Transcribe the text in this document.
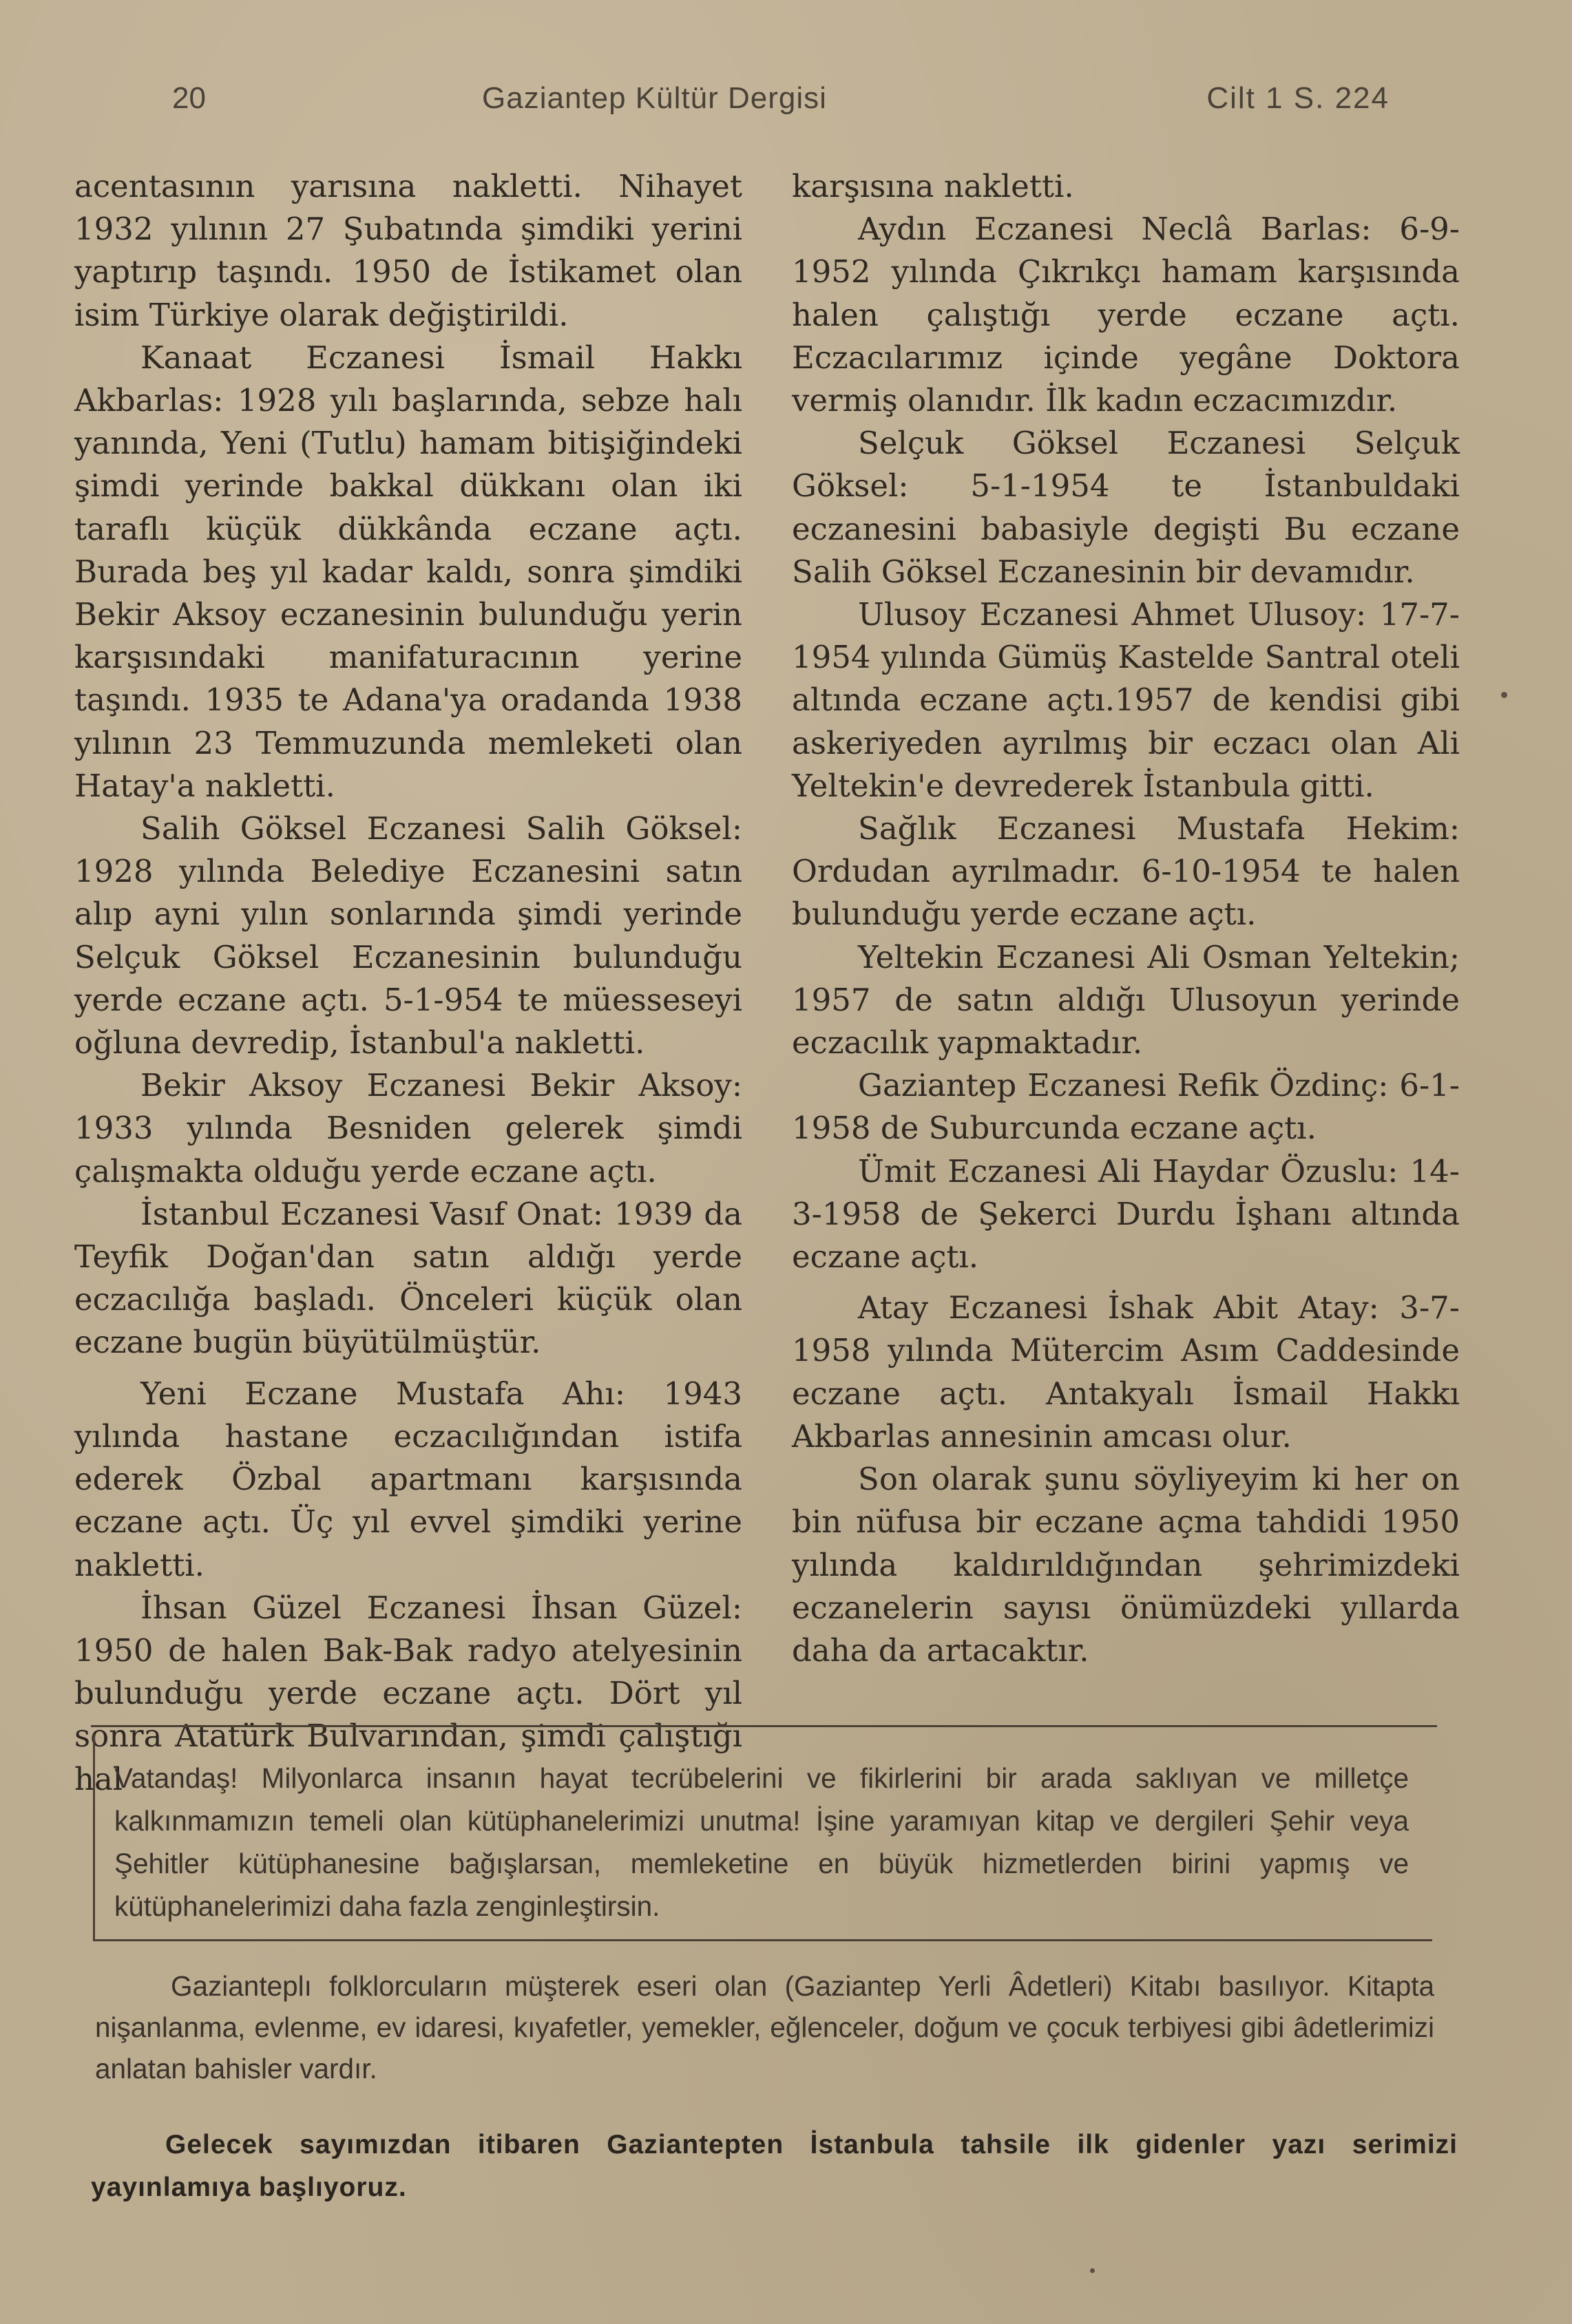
20	Gaziantep Kültür Dergisi	Cilt 1 S. 224

acentasının yarısına nakletti. Nihayet 1932 yılının 27 Şubatında şimdiki yerini yaptırıp taşındı. 1950 de İstikamet olan isim Türkiye olarak değiştirildi.

Kanaat Eczanesi İsmail Hakkı Akbarlas: 1928 yılı başlarında, sebze halı yanında, Yeni (Tutlu) hamam bitişiğindeki şimdi yerinde bakkal dükkanı olan iki taraflı küçük dükkânda eczane açtı. Burada beş yıl kadar kaldı, sonra şimdiki Bekir Aksoy eczanesinin bulunduğu yerin karşısındaki manifaturacının yerine taşındı. 1935 te Adana'ya oradanda 1938 yılının 23 Temmuzunda memleketi olan Hatay'a nakletti.

Salih Göksel Eczanesi Salih Göksel: 1928 yılında Belediye Eczanesini satın alıp ayni yılın sonlarında şimdi yerinde Selçuk Göksel Eczanesinin bulunduğu yerde eczane açtı. 5-1-954 te müesseseyi oğluna devredip, İstanbul'a nakletti.

Bekir Aksoy Eczanesi Bekir Aksoy: 1933 yılında Besniden gelerek şimdi çalışmakta olduğu yerde eczane açtı.

İstanbul Eczanesi Vasıf Onat: 1939 da Teyfik Doğan'dan satın aldığı yerde eczacılığa başladı. Önceleri küçük olan eczane bugün büyütülmüştür.

Yeni Eczane Mustafa Ahı: 1943 yılında hastane eczacılığından istifa ederek Özbal apartmanı karşısında eczane açtı. Üç yıl evvel şimdiki yerine nakletti.

İhsan Güzel Eczanesi İhsan Güzel: 1950 de halen Bak-Bak radyo atelyesinin bulunduğu yerde eczane açtı. Dört yıl sonra Atatürk Bulvarından, şimdi çalıştığı hal

karşısına nakletti.

Aydın Eczanesi Neclâ Barlas: 6-9-1952 yılında Çıkrıkçı hamam karşısında halen çalıştığı yerde eczane açtı. Eczacılarımız içinde yegâne Doktora vermiş olanıdır. İlk kadın eczacımızdır.

Selçuk Göksel Eczanesi Selçuk Göksel: 5-1-1954 te İstanbuldaki eczanesini babasiyle degişti Bu eczane Salih Göksel Eczanesinin bir devamıdır.

Ulusoy Eczanesi Ahmet Ulusoy: 17-7-1954 yılında Gümüş Kastelde Santral oteli altında eczane açtı.1957 de kendisi gibi askeriyeden ayrılmış bir eczacı olan Ali Yeltekin'e devrederek İstanbula gitti.

Sağlık Eczanesi Mustafa Hekim: Ordudan ayrılmadır. 6-10-1954 te halen bulunduğu yerde eczane açtı.

Yeltekin Eczanesi Ali Osman Yeltekin; 1957 de satın aldığı Ulusoyun yerinde eczacılık yapmaktadır.

Gaziantep Eczanesi Refik Özdinç: 6-1-1958 de Suburcunda eczane açtı.

Ümit Eczanesi Ali Haydar Özuslu: 14-3-1958 de Şekerci Durdu İşhanı altında eczane açtı.

Atay Eczanesi İshak Abit Atay: 3-7-1958 yılında Mütercim Asım Caddesinde eczane açtı. Antakyalı İsmail Hakkı Akbarlas annesinin amcası olur.

Son olarak şunu söyliyeyim ki her on bin nüfusa bir eczane açma tahdidi 1950 yılında kaldırıldığından şehrimizdeki eczanelerin sayısı önümüzdeki yıllarda daha da artacaktır.

Vatandaş! Milyonlarca insanın hayat tecrübelerini ve fikirlerini bir arada saklıyan ve milletçe kalkınmamızın temeli olan kütüphanelerimizi unutma! İşine yaramıyan kitap ve dergileri Şehir veya Şehitler kütüphanesine bağışlarsan, memleketine en büyük hizmetlerden birini yapmış ve kütüphanelerimizi daha fazla zenginleştirsin.

Gazianteplı folklorcuların müşterek eseri olan (Gaziantep Yerli Âdetleri) Kitabı basılıyor. Kitapta nişanlanma, evlenme, ev idaresi, kıyafetler, yemekler, eğlenceler, doğum ve çocuk terbiyesi gibi âdetlerimizi anlatan bahisler vardır.

Gelecek sayımızdan itibaren Gaziantepten İstanbula tahsile ilk gidenler yazı serimizi yayınlamıya başlıyoruz.
